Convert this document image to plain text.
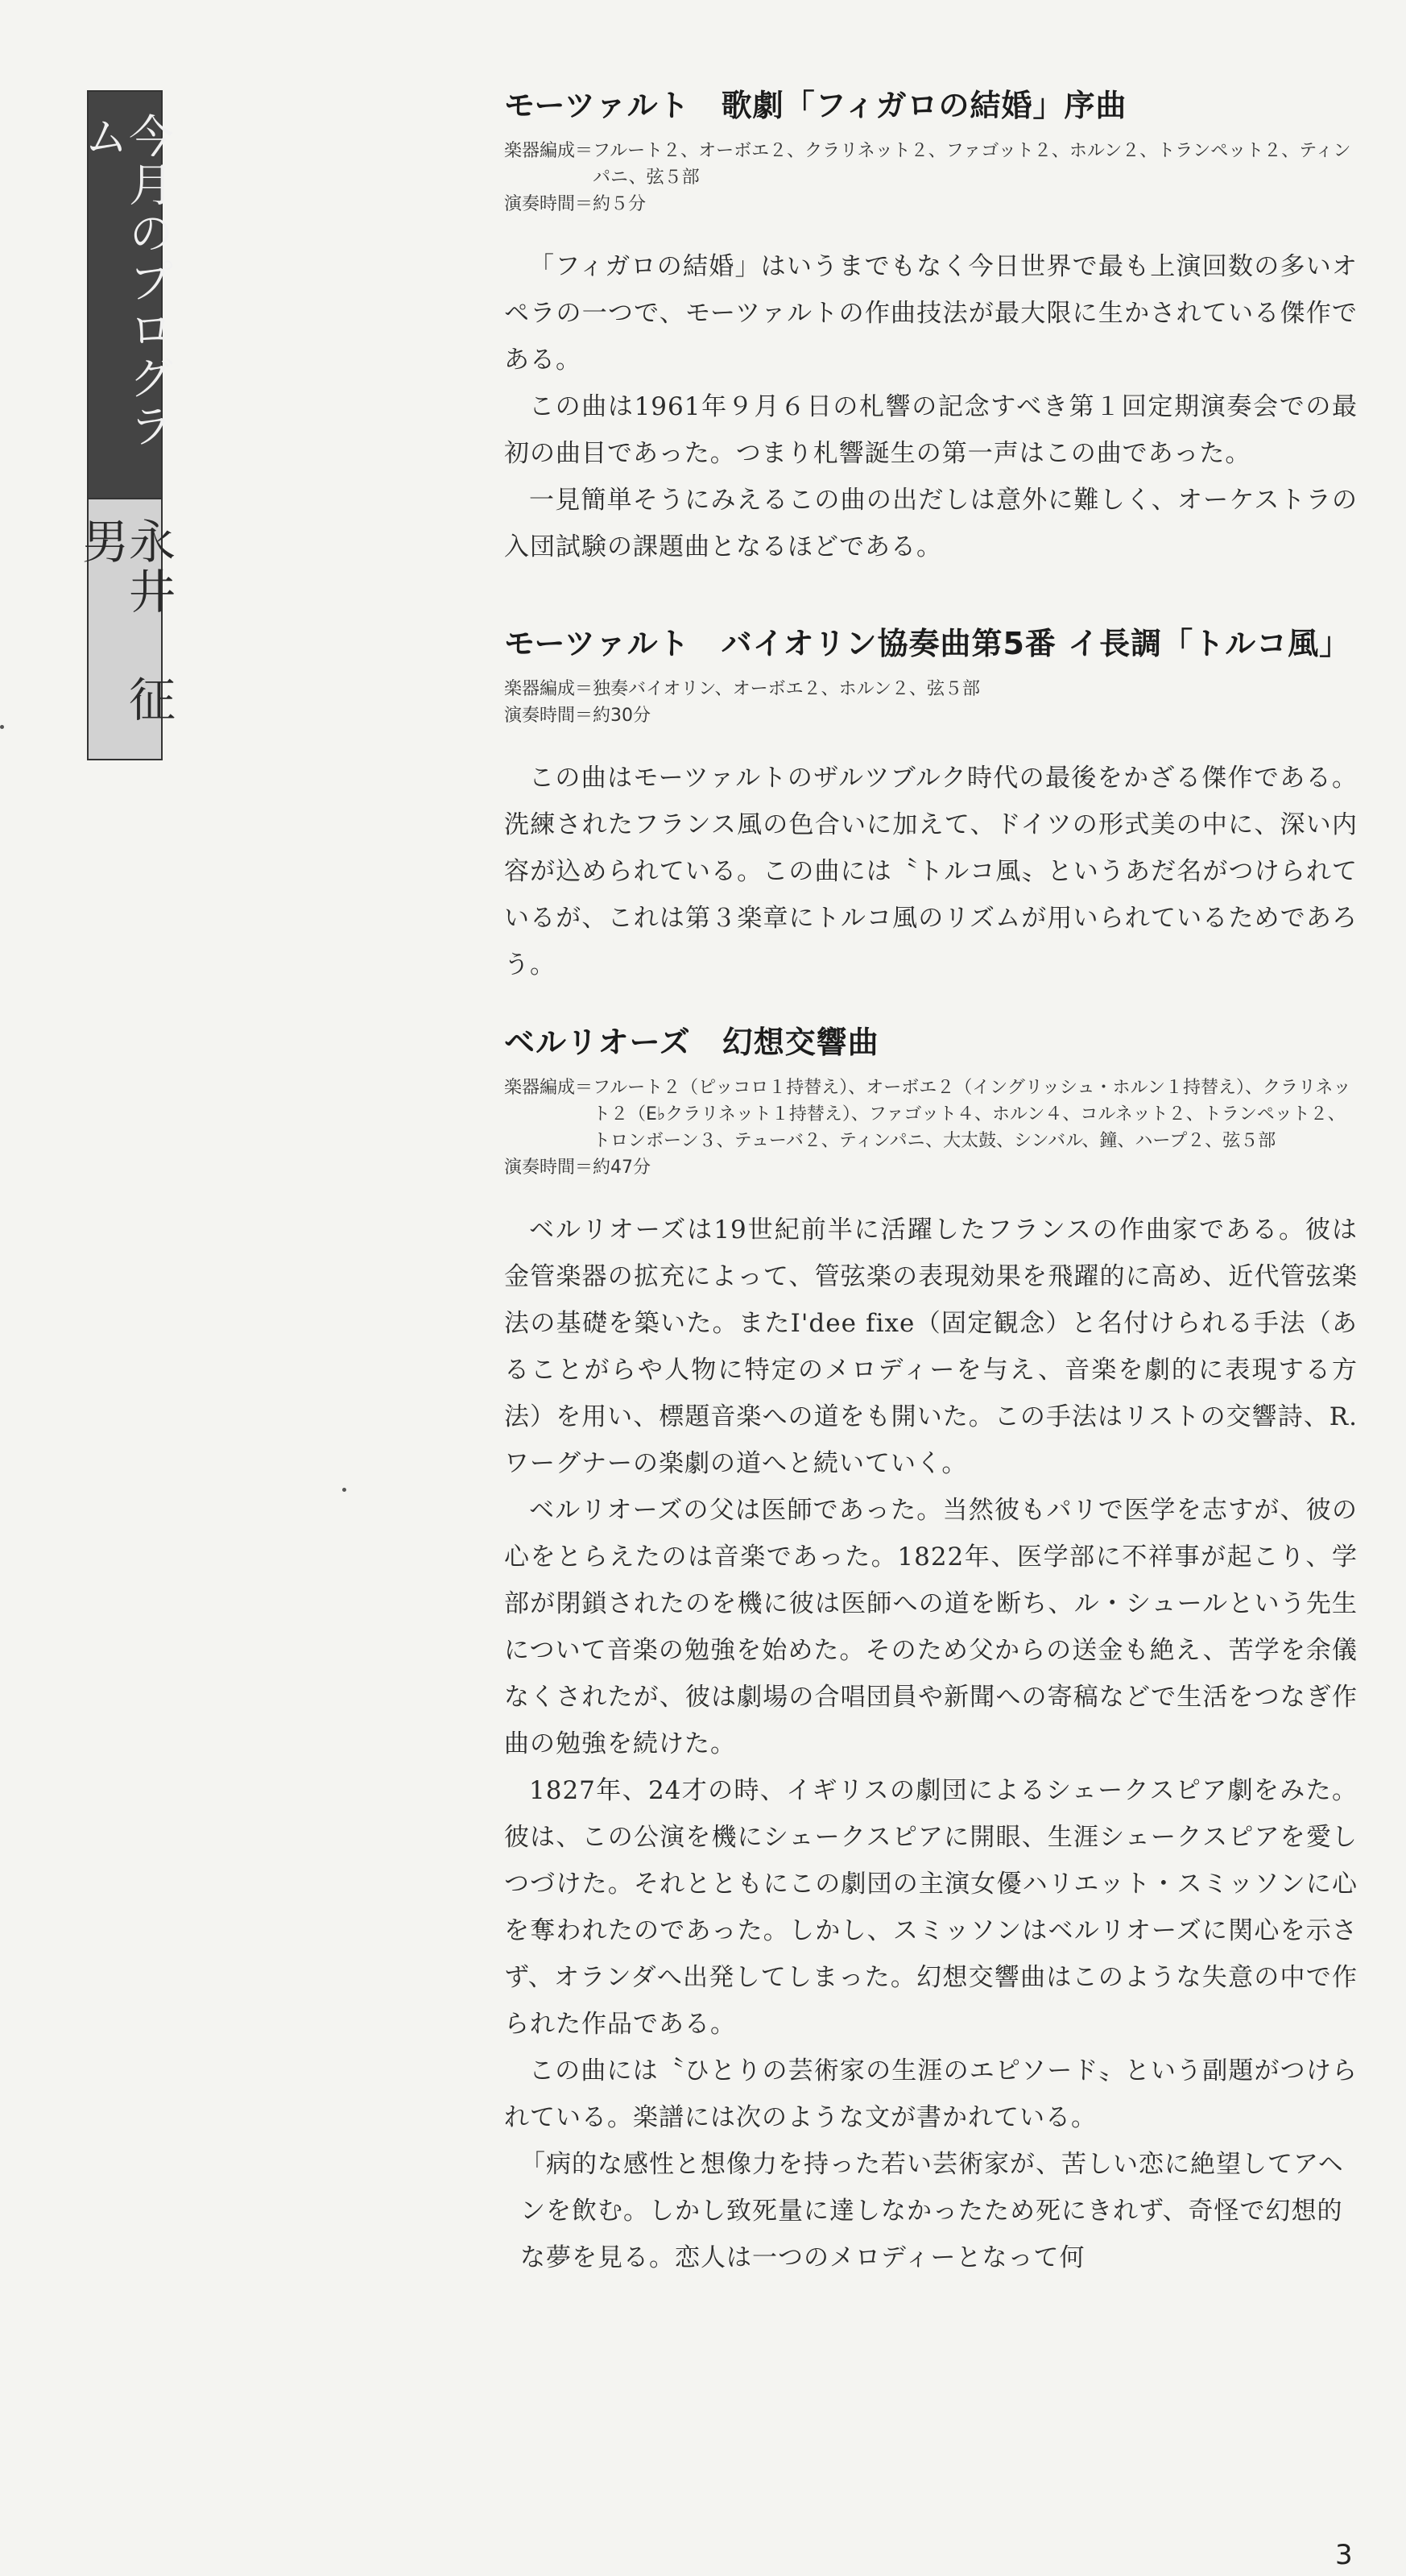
今月のプログラム
永井 征男
モーツァルト　歌劇「フィガロの結婚」序曲
楽器編成＝ フルート２、オーボエ２、クラリネット２、ファゴット２、ホルン２、トランペット２、ティンパニ、弦５部
演奏時間＝約５分

「フィガロの結婚」はいうまでもなく今日世界で最も上演回数の多いオペラの一つで、モーツァルトの作曲技法が最大限に生かされている傑作である。

この曲は1961年９月６日の札響の記念すべき第１回定期演奏会での最初の曲目であった。つまり札響誕生の第一声はこの曲であった。

一見簡単そうにみえるこの曲の出だしは意外に難しく、オーケストラの入団試験の課題曲となるほどである。

モーツァルト　バイオリン協奏曲第5番 イ長調「トルコ風」
楽器編成＝ 独奏バイオリン、オーボエ２、ホルン２、弦５部
演奏時間＝約30分

この曲はモーツァルトのザルツブルク時代の最後をかざる傑作である。洗練されたフランス風の色合いに加えて、ドイツの形式美の中に、深い内容が込められている。この曲には〝トルコ風〟というあだ名がつけられているが、これは第３楽章にトルコ風のリズムが用いられているためであろう。

ベルリオーズ　幻想交響曲
楽器編成＝ フルート２（ピッコロ１持替え）、オーボエ２（イングリッシュ・ホルン１持替え）、クラリネット２（E♭クラリネット１持替え）、ファゴット４、ホルン４、コルネット２、トランペット２、トロンボーン３、テューバ２、ティンパニ、大太鼓、シンバル、鐘、ハープ２、弦５部
演奏時間＝約47分

ベルリオーズは19世紀前半に活躍したフランスの作曲家である。彼は金管楽器の拡充によって、管弦楽の表現効果を飛躍的に高め、近代管弦楽法の基礎を築いた。またI'dee fixe（固定観念）と名付けられる手法（あることがらや人物に特定のメロディーを与え、音楽を劇的に表現する方法）を用い、標題音楽への道をも開いた。この手法はリストの交響詩、R.ワーグナーの楽劇の道へと続いていく。

ベルリオーズの父は医師であった。当然彼もパリで医学を志すが、彼の心をとらえたのは音楽であった。1822年、医学部に不祥事が起こり、学部が閉鎖されたのを機に彼は医師への道を断ち、ル・シュールという先生について音楽の勉強を始めた。そのため父からの送金も絶え、苦学を余儀なくされたが、彼は劇場の合唱団員や新聞への寄稿などで生活をつなぎ作曲の勉強を続けた。

1827年、24才の時、イギリスの劇団によるシェークスピア劇をみた。彼は、この公演を機にシェークスピアに開眼、生涯シェークスピアを愛しつづけた。それとともにこの劇団の主演女優ハリエット・スミッソンに心を奪われたのであった。しかし、スミッソンはベルリオーズに関心を示さず、オランダへ出発してしまった。幻想交響曲はこのような失意の中で作られた作品である。

この曲には〝ひとりの芸術家の生涯のエピソード〟という副題がつけられている。楽譜には次のような文が書かれている。

「病的な感性と想像力を持った若い芸術家が、苦しい恋に絶望してアヘンを飲む。しかし致死量に達しなかったため死にきれず、奇怪で幻想的な夢を見る。恋人は一つのメロディーとなって何

3
